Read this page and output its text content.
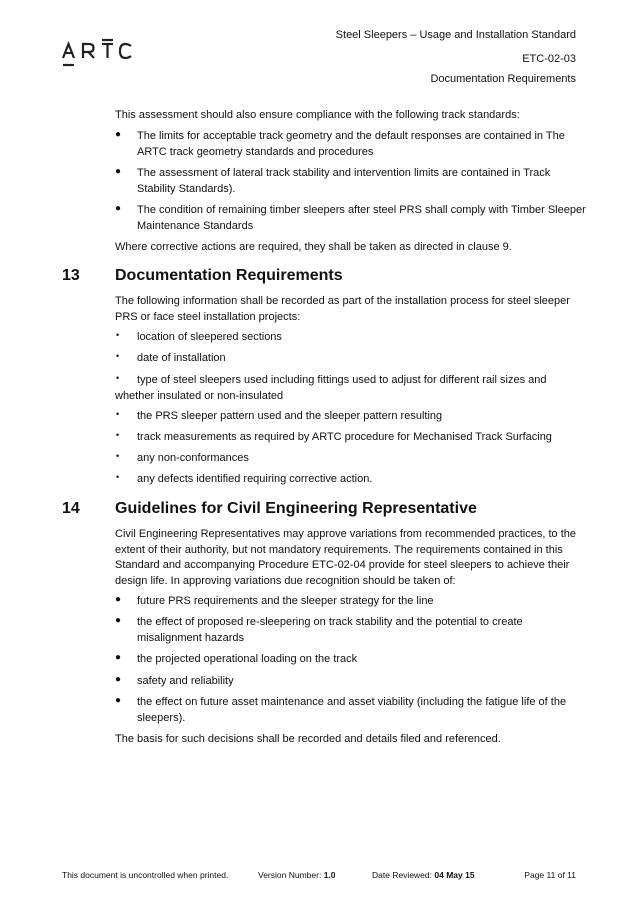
Steel Sleepers – Usage and Installation Standard
ETC-02-03
Documentation Requirements
This assessment should also ensure compliance with the following track standards:
● The limits for acceptable track geometry and the default responses are contained in The ARTC track geometry standards and procedures
● The assessment of lateral track stability and intervention limits are contained in Track Stability Standards).
● The condition of remaining timber sleepers after steel PRS shall comply with Timber Sleeper Maintenance Standards
Where corrective actions are required, they shall be taken as directed in clause 9.
13 Documentation Requirements
The following information shall be recorded as part of the installation process for steel sleeper PRS or face steel installation projects:
• location of sleepered sections
• date of installation
•	type of steel sleepers used including fittings used to adjust for different rail sizes and whether insulated or non-insulated
• the PRS sleeper pattern used and the sleeper pattern resulting
• track measurements as required by ARTC procedure for Mechanised Track Surfacing
• any non-conformances
• any defects identified requiring corrective action.
14 Guidelines for Civil Engineering Representative
Civil Engineering Representatives may approve variations from recommended practices, to the extent of their authority, but not mandatory requirements. The requirements contained in this Standard and accompanying Procedure ETC-02-04 provide for steel sleepers to achieve their design life. In approving variations due recognition should be taken of:
● future PRS requirements and the sleeper strategy for the line
● the effect of proposed re-sleepering on track stability and the potential to create misalignment hazards
● the projected operational loading on the track
● safety and reliability
● the effect on future asset maintenance and asset viability (including the fatigue life of the sleepers).
The basis for such decisions shall be recorded and details filed and referenced.
This document is uncontrolled when printed.	Version Number: 1.0	Date Reviewed: 04 May 15	Page 11 of 11
